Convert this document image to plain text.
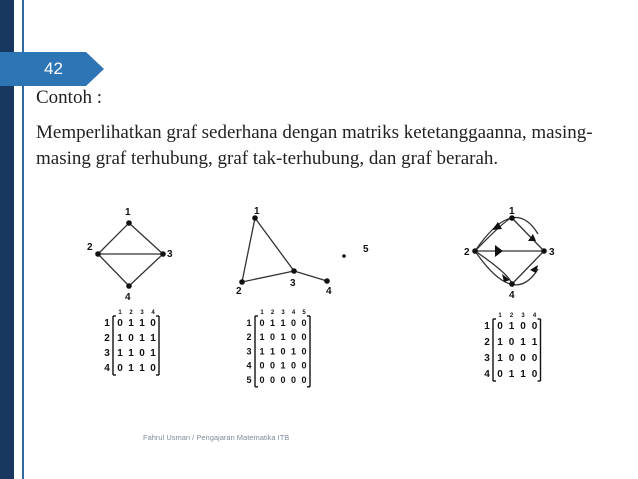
42
Contoh :
Memperlihatkan graf sederhana dengan matriks ketetanggaanna, masing-masing graf terhubung, graf tak-terhubung, dan graf berarah.
1
2
3
4
1
2
3
4
5
1
2	3
4
1 2 3 4
1 0 1 1 0
2 1 0 1 1
3 1 1 0 1
4 0 1 1 0
1 2 3 4 5
1 0 1 1 0 0
2 1 0 1 0 0
3 1 1 0 1 0
4 0 0 1 0 0
5 0 0 0 0 0
1 2 3 4
1 0 1 0 0
2 1 0 1 1
3 1 0 0 0
4 0 1 1 0
Fahrul Usman / Pengajaran Matematika ITB
